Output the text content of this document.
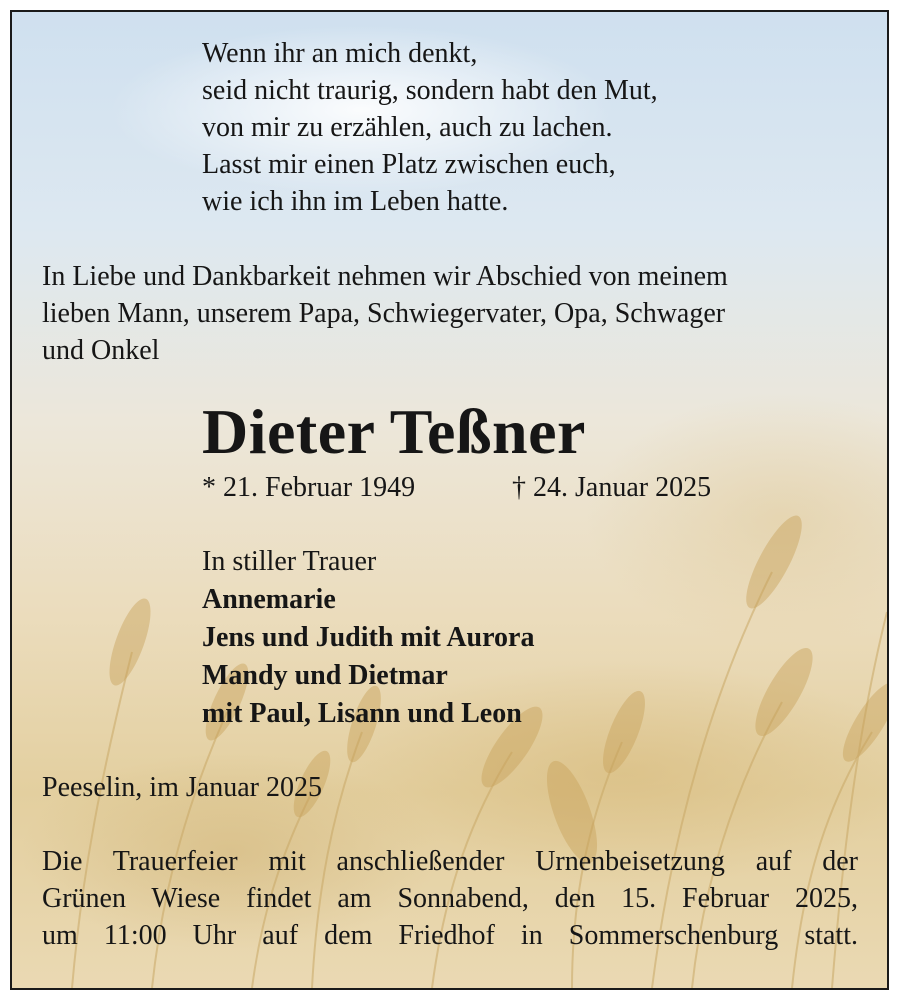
Wenn ihr an mich denkt,
seid nicht traurig, sondern habt den Mut,
von mir zu erzählen, auch zu lachen.
Lasst mir einen Platz zwischen euch,
wie ich ihn im Leben hatte.
In Liebe und Dankbarkeit nehmen wir Abschied von meinem
lieben Mann, unserem Papa, Schwiegervater, Opa, Schwager
und Onkel
Dieter Teßner
* 21. Februar 1949	† 24. Januar 2025
In stiller Trauer
Annemarie
Jens und Judith mit Aurora
Mandy und Dietmar
mit Paul, Lisann und Leon
Peeselin, im Januar 2025
Die Trauerfeier mit anschließender Urnenbeisetzung auf der
Grünen Wiese findet am Sonnabend, den 15. Februar 2025,
um 11:00 Uhr auf dem Friedhof in Sommerschenburg statt.
